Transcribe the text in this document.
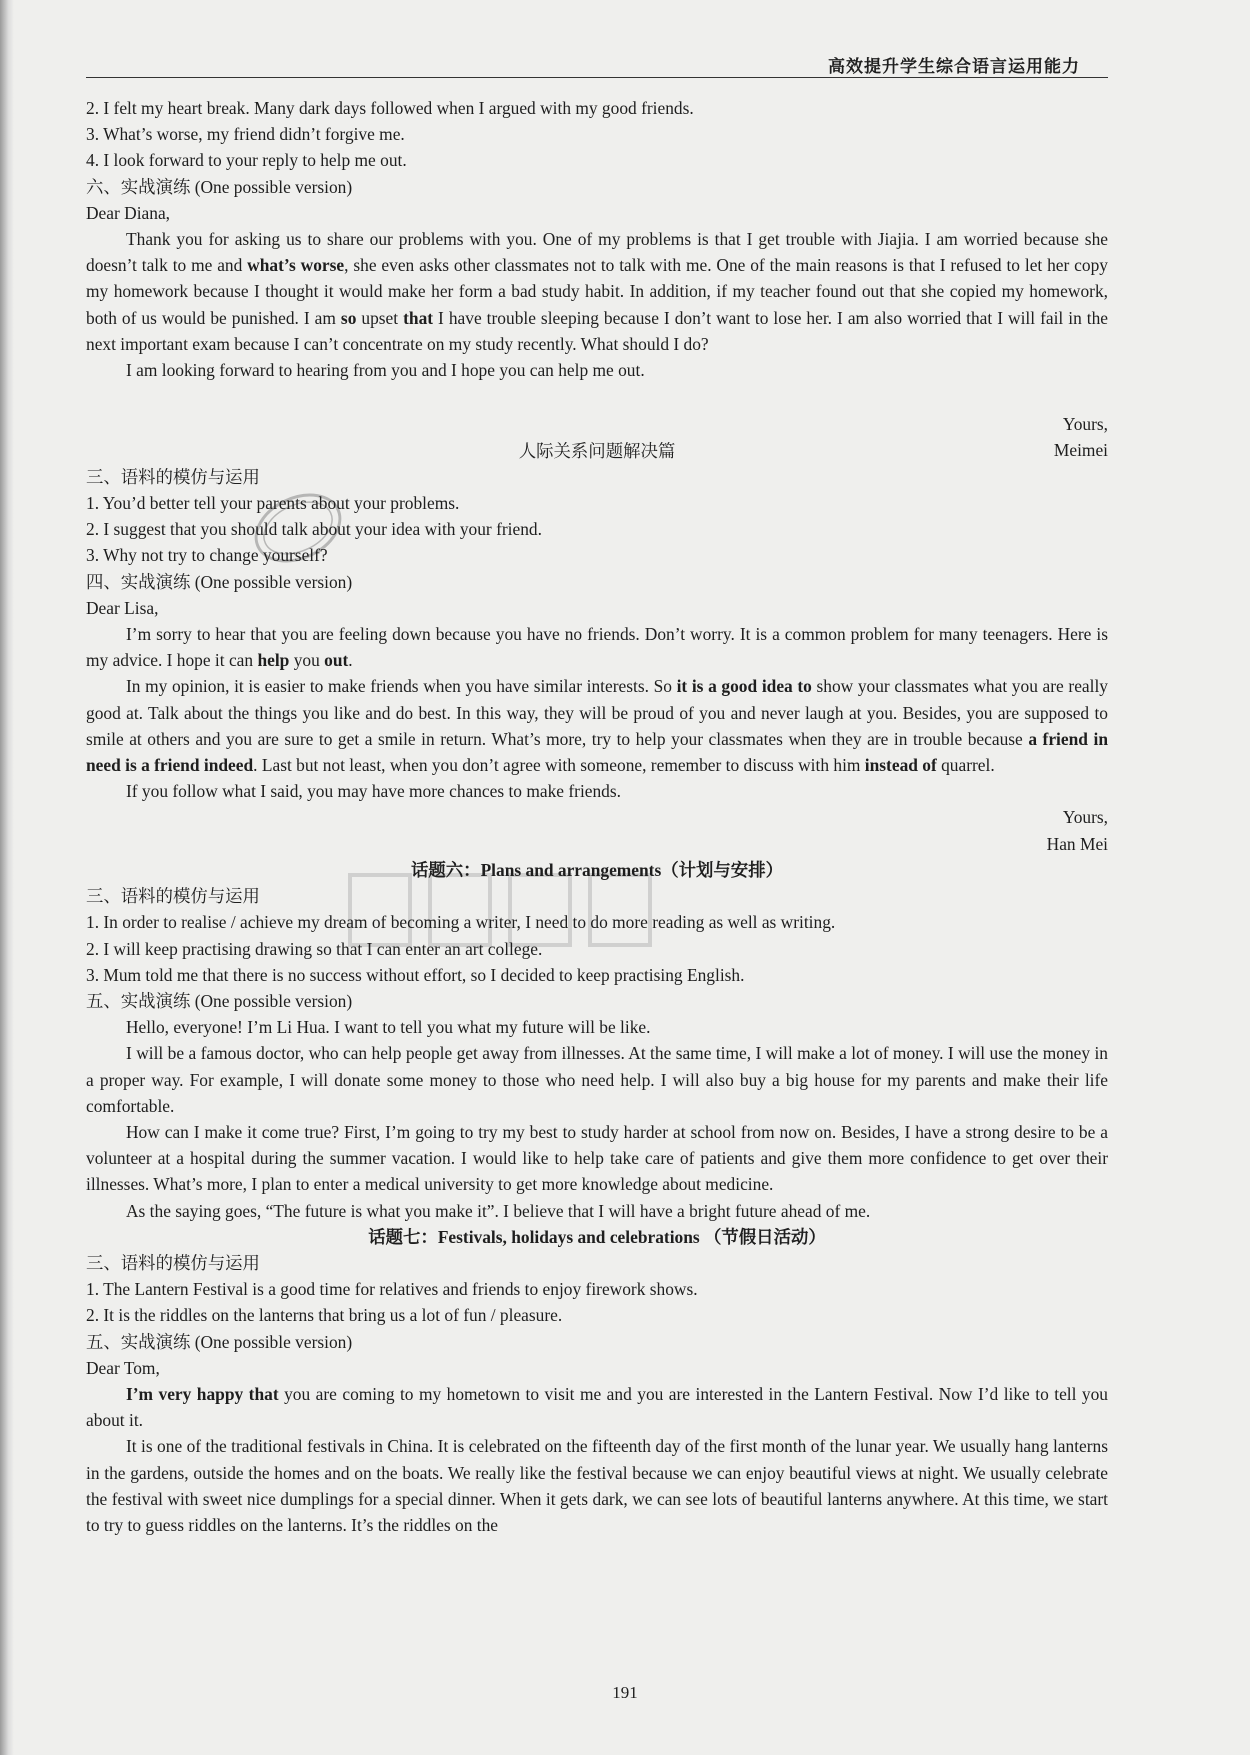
高效提升学生综合语言运用能力

2. I felt my heart break. Many dark days followed when I argued with my good friends.

3. What’s worse, my friend didn’t forgive me.

4. I look forward to your reply to help me out.

六、实战演练 (One possible version)

Dear Diana,

Thank you for asking us to share our problems with you. One of my problems is that I get trouble with Jiajia. I am worried because she doesn’t talk to me and what’s worse, she even asks other classmates not to talk with me. One of the main reasons is that I refused to let her copy my homework because I thought it would make her form a bad study habit. In addition, if my teacher found out that she copied my homework, both of us would be punished. I am so upset that I have trouble sleeping because I don’t want to lose her. I am also worried that I will fail in the next important exam because I can’t concentrate on my study recently. What should I do?

I am looking forward to hearing from you and I hope you can help me out.

Yours,

Meimei

人际关系问题解决篇

三、语料的模仿与运用

1. You’d better tell your parents about your problems.

2. I suggest that you should talk about your idea with your friend.

3. Why not try to change yourself?

四、实战演练 (One possible version)

Dear Lisa,

I’m sorry to hear that you are feeling down because you have no friends. Don’t worry. It is a common problem for many teenagers. Here is my advice. I hope it can help you out.

In my opinion, it is easier to make friends when you have similar interests. So it is a good idea to show your classmates what you are really good at. Talk about the things you like and do best. In this way, they will be proud of you and never laugh at you. Besides, you are supposed to smile at others and you are sure to get a smile in return. What’s more, try to help your classmates when they are in trouble because a friend in need is a friend indeed. Last but not least, when you don’t agree with someone, remember to discuss with him instead of quarrel.

If you follow what I said, you may have more chances to make friends.

Yours,

Han Mei

话题六：Plans and arrangements（计划与安排）

三、语料的模仿与运用

1. In order to realise / achieve my dream of becoming a writer, I need to do more reading as well as writing.

2. I will keep practising drawing so that I can enter an art college.

3. Mum told me that there is no success without effort, so I decided to keep practising English.

五、实战演练 (One possible version)

Hello, everyone! I’m Li Hua. I want to tell you what my future will be like.

I will be a famous doctor, who can help people get away from illnesses. At the same time, I will make a lot of money. I will use the money in a proper way. For example, I will donate some money to those who need help. I will also buy a big house for my parents and make their life comfortable.

How can I make it come true? First, I’m going to try my best to study harder at school from now on. Besides, I have a strong desire to be a volunteer at a hospital during the summer vacation. I would like to help take care of patients and give them more confidence to get over their illnesses. What’s more, I plan to enter a medical university to get more knowledge about medicine.

As the saying goes, “The future is what you make it”. I believe that I will have a bright future ahead of me.

话题七：Festivals, holidays and celebrations （节假日活动）

三、语料的模仿与运用

1. The Lantern Festival is a good time for relatives and friends to enjoy firework shows.

2. It is the riddles on the lanterns that bring us a lot of fun / pleasure.

五、实战演练 (One possible version)

Dear Tom,

I’m very happy that you are coming to my hometown to visit me and you are interested in the Lantern Festival. Now I’d like to tell you about it.

It is one of the traditional festivals in China. It is celebrated on the fifteenth day of the first month of the lunar year. We usually hang lanterns in the gardens, outside the homes and on the boats. We really like the festival because we can enjoy beautiful views at night. We usually celebrate the festival with sweet nice dumplings for a special dinner. When it gets dark, we can see lots of beautiful lanterns anywhere. At this time, we start to try to guess riddles on the lanterns. It’s the riddles on the

191
